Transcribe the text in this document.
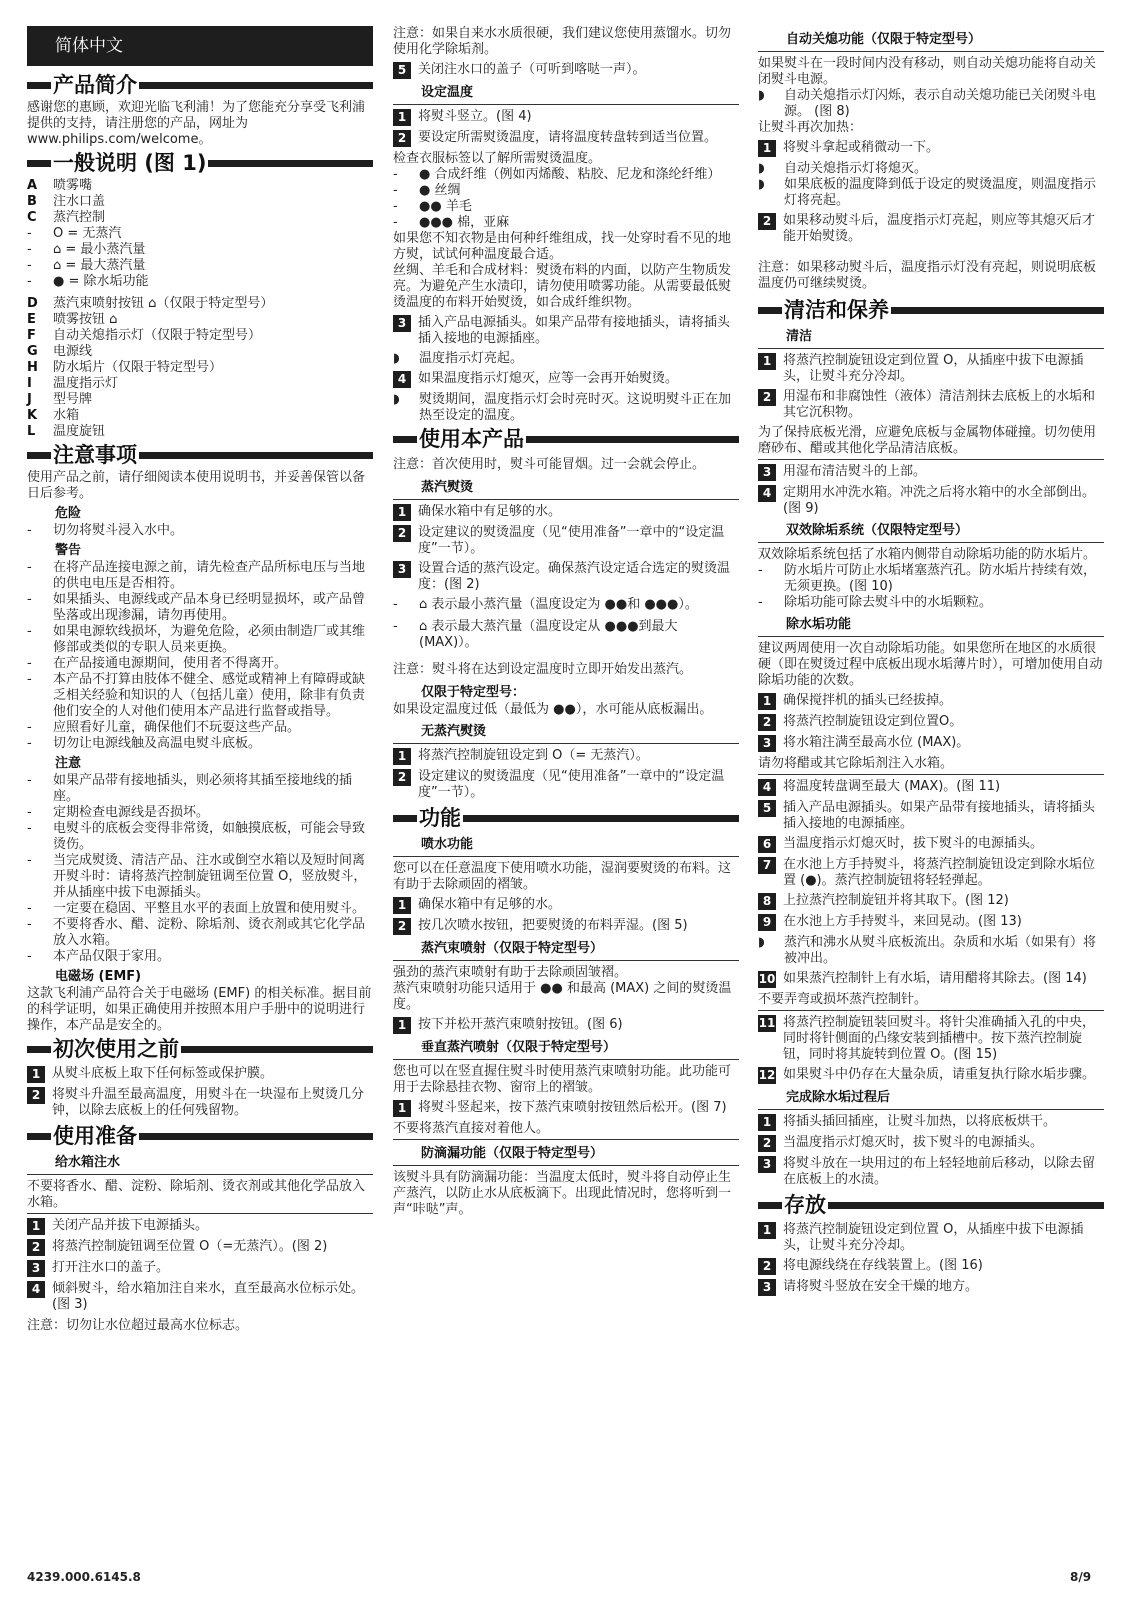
简体中文
产品简介

感谢您的惠顾，欢迎光临飞利浦！为了您能充分享受飞利浦提供的支持，请注册您的产品，网址为 www.philips.com/welcome。

一般说明 (图 1)
A	喷雾嘴
B	注水口盖
C	蒸汽控制
-	O = 无蒸汽
-	⌂ = 最小蒸汽量
-	⌂ = 最大蒸汽量
-	● = 除水垢功能
D	蒸汽束喷射按钮 ⌂（仅限于特定型号）
E	喷雾按钮 ⌂
F	自动关熄指示灯（仅限于特定型号）
G	电源线
H	防水垢片（仅限于特定型号）
I	温度指示灯
J	型号牌
K	水箱
L	温度旋钮
注意事项

使用产品之前，请仔细阅读本使用说明书，并妥善保管以备日后参考。

危险
-	切勿将熨斗浸入水中。
警告
-	在将产品连接电源之前，请先检查产品所标电压与当地的供电电压是否相符。
-	如果插头、电源线或产品本身已经明显损坏，或产品曾坠落或出现渗漏，请勿再使用。
-	如果电源软线损坏，为避免危险，必须由制造厂或其维修部或类似的专职人员来更换。
-	在产品接通电源期间，使用者不得离开。
-	本产品不打算由肢体不健全、感觉或精神上有障碍或缺乏相关经验和知识的人（包括儿童）使用，除非有负责他们安全的人对他们使用本产品进行监督或指导。
-	应照看好儿童，确保他们不玩耍这些产品。
-	切勿让电源线触及高温电熨斗底板。
注意
-	如果产品带有接地插头，则必须将其插至接地线的插座。
-	定期检查电源线是否损坏。
-	电熨斗的底板会变得非常烫，如触摸底板，可能会导致烫伤。
-	当完成熨烫、清洁产品、注水或倒空水箱以及短时间离开熨斗时：请将蒸汽控制旋钮调至位置 O，竖放熨斗，并从插座中拔下电源插头。
-	一定要在稳固、平整且水平的表面上放置和使用熨斗。
-	不要将香水、醋、淀粉、除垢剂、烫衣剂或其它化学品放入水箱。
-	本产品仅限于家用。
电磁场 (EMF)

这款飞利浦产品符合关于电磁场 (EMF) 的相关标准。据目前的科学证明，如果正确使用并按照本用户手册中的说明进行操作，本产品是安全的。

初次使用之前
1 从熨斗底板上取下任何标签或保护膜。
2 将熨斗升温至最高温度，用熨斗在一块湿布上熨烫几分钟，以除去底板上的任何残留物。
使用准备
给水箱注水

不要将香水、醋、淀粉、除垢剂、烫衣剂或其他化学品放入水箱。

1 关闭产品并拔下电源插头。
2 将蒸汽控制旋钮调至位置 O（=无蒸汽）。(图 2)
3 打开注水口的盖子。
4 倾斜熨斗，给水箱加注自来水，直至最高水位标示处。(图 3)

注意：切勿让水位超过最高水位标志。

注意：如果自来水水质很硬，我们建议您使用蒸馏水。切勿使用化学除垢剂。

5 关闭注水口的盖子（可听到喀哒一声）。
设定温度
1 将熨斗竖立。(图 4)
2 要设定所需熨烫温度，请将温度转盘转到适当位置。

检查衣服标签以了解所需熨烫温度。

-	● 合成纤维（例如丙烯酸、粘胶、尼龙和涤纶纤维）
-	● 丝绸
-	●● 羊毛
-	●●● 棉，亚麻

如果您不知衣物是由何种纤维组成，找一处穿时看不见的地方熨，试试何种温度最合适。

丝绸、羊毛和合成材料：熨烫布料的内面，以防产生物质发亮。为避免产生水渍印，请勿使用喷雾功能。从需要最低熨烫温度的布料开始熨烫，如合成纤维织物。

3 插入产品电源插头。如果产品带有接地插头，请将插头插入接地的电源插座。
◗	温度指示灯亮起。
4 如果温度指示灯熄灭，应等一会再开始熨烫。
◗	熨烫期间，温度指示灯会时亮时灭。这说明熨斗正在加热至设定的温度。
使用本产品

注意：首次使用时，熨斗可能冒烟。过一会就会停止。

蒸汽熨烫
1 确保水箱中有足够的水。
2 设定建议的熨烫温度（见“使用准备”一章中的“设定温度”一节）。
3 设置合适的蒸汽设定。确保蒸汽设定适合选定的熨烫温度：(图 2)
-	⌂ 表示最小蒸汽量（温度设定为 ●●和 ●●●）。
-	⌂ 表示最大蒸汽量（温度设定从 ●●●到最大 (MAX)）。

注意：熨斗将在达到设定温度时立即开始发出蒸汽。

仅限于特定型号：

如果设定温度过低（最低为 ●●），水可能从底板漏出。

无蒸汽熨烫
1 将蒸汽控制旋钮设定到 O（= 无蒸汽）。
2 设定建议的熨烫温度（见“使用准备”一章中的“设定温度”一节）。
功能
喷水功能

您可以在任意温度下使用喷水功能，湿润要熨烫的布料。这有助于去除顽固的褶皱。

1 确保水箱中有足够的水。
2 按几次喷水按钮，把要熨烫的布料弄湿。(图 5)
蒸汽束喷射（仅限于特定型号）

强劲的蒸汽束喷射有助于去除顽固皱褶。

蒸汽束喷射功能只适用于 ●● 和最高 (MAX) 之间的熨烫温度。

1 按下并松开蒸汽束喷射按钮。(图 6)
垂直蒸汽喷射（仅限于特定型号）

您也可以在竖直握住熨斗时使用蒸汽束喷射功能。此功能可用于去除悬挂衣物、窗帘上的褶皱。

1 将熨斗竖起来，按下蒸汽束喷射按钮然后松开。(图 7)

不要将蒸汽直接对着他人。

防滴漏功能（仅限于特定型号）

该熨斗具有防滴漏功能：当温度太低时，熨斗将自动停止生产蒸汽，以防止水从底板滴下。出现此情况时，您将听到一声“咔哒”声。

自动关熄功能（仅限于特定型号）

如果熨斗在一段时间内没有移动，则自动关熄功能将自动关闭熨斗电源。

◗	自动关熄指示灯闪烁，表示自动关熄功能已关闭熨斗电源。 (图 8)

让熨斗再次加热：

1 将熨斗拿起或稍微动一下。
◗	自动关熄指示灯将熄灭。
◗	如果底板的温度降到低于设定的熨烫温度，则温度指示灯将亮起。
2 如果移动熨斗后，温度指示灯亮起，则应等其熄灭后才能开始熨烫。

注意：如果移动熨斗后，温度指示灯没有亮起，则说明底板温度仍可继续熨烫。

清洁和保养
清洁
1 将蒸汽控制旋钮设定到位置 O，从插座中拔下电源插头，让熨斗充分冷却。
2 用湿布和非腐蚀性（液体）清洁剂抹去底板上的水垢和其它沉积物。

为了保持底板光滑，应避免底板与金属物体碰撞。切勿使用磨砂布、醋或其他化学品清洁底板。

3 用湿布清洁熨斗的上部。
4 定期用水冲洗水箱。冲洗之后将水箱中的水全部倒出。(图 9)
双效除垢系统（仅限特定型号）

双效除垢系统包括了水箱内侧带自动除垢功能的防水垢片。

-	防水垢片可防止水垢堵塞蒸汽孔。防水垢片持续有效，无须更换。(图 10)
-	除垢功能可除去熨斗中的水垢颗粒。
除水垢功能

建议两周使用一次自动除垢功能。如果您所在地区的水质很硬（即在熨烫过程中底板出现水垢薄片时），可增加使用自动除垢功能的次数。

1 确保搅拌机的插头已经拔掉。
2 将蒸汽控制旋钮设定到位置O。
3 将水箱注满至最高水位 (MAX)。

请勿将醋或其它除垢剂注入水箱。

4 将温度转盘调至最大 (MAX)。(图 11)
5 插入产品电源插头。如果产品带有接地插头，请将插头插入接地的电源插座。
6 当温度指示灯熄灭时，拔下熨斗的电源插头。
7 在水池上方手持熨斗，将蒸汽控制旋钮设定到除水垢位置 (●)。蒸汽控制旋钮将轻轻弹起。
8 上拉蒸汽控制旋钮并将其取下。(图 12)
9 在水池上方手持熨斗，来回晃动。(图 13)
◗	蒸汽和沸水从熨斗底板流出。杂质和水垢（如果有）将被冲出。
10 如果蒸汽控制针上有水垢，请用醋将其除去。(图 14)

不要弄弯或损坏蒸汽控制针。

11 将蒸汽控制旋钮装回熨斗。将针尖准确插入孔的中央，同时将针侧面的凸缘安装到插槽中。按下蒸汽控制旋钮，同时将其旋转到位置 O。(图 15)
12 如果熨斗中仍存在大量杂质，请重复执行除水垢步骤。
完成除水垢过程后
1 将插头插回插座，让熨斗加热，以将底板烘干。
2 当温度指示灯熄灭时，拔下熨斗的电源插头。
3 将熨斗放在一块用过的布上轻轻地前后移动，以除去留在底板上的水渍。
存放
1 将蒸汽控制旋钮设定到位置 O，从插座中拔下电源插头，让熨斗充分冷却。
2 将电源线绕在存线装置上。(图 16)
3 请将熨斗竖放在安全干燥的地方。
4239.000.6145.8	8/9
